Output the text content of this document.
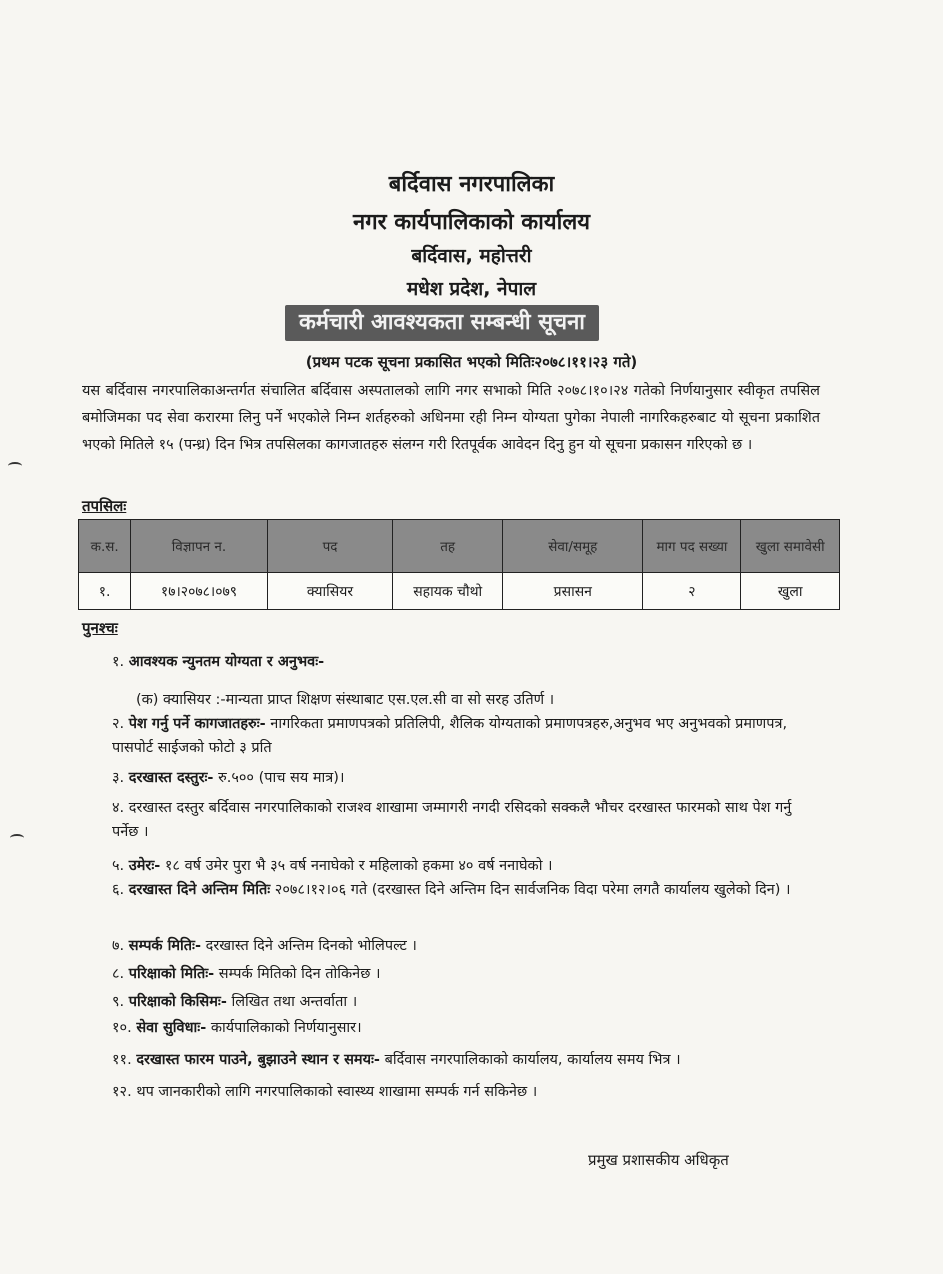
बर्दिवास नगरपालिका
नगर कार्यपालिकाको कार्यालय
बर्दिवास, महोत्तरी
मधेश प्रदेश, नेपाल
कर्मचारी आवश्यकता सम्बन्धी सूचना
(प्रथम पटक सूचना प्रकासित भएको मितिः२०७८।११।२३ गते)
यस बर्दिवास नगरपालिकाअन्तर्गत संचालित बर्दिवास अस्पतालको लागि नगर सभाको मिति २०७८।१०।२४ गतेको निर्णयानुसार स्वीकृत तपसिल बमोजिमका पद सेवा करारमा लिनु पर्ने भएकोले निम्न शर्तहरुको अधिनमा रही निम्न योग्यता पुगेका नेपाली नागरिकहरुबाट यो सूचना प्रकाशित भएको मितिले १५ (पन्ध्र) दिन भित्र तपसिलका कागजातहरु संलग्न गरी रितपूर्वक आवेदन दिनु हुन यो सूचना प्रकासन गरिएको छ ।
तपसिलः
क.स.	विज्ञापन न.	पद	तह	सेवा/समूह	माग पद सख्या	खुला समावेसी
१.	१७।२०७८।०७९	क्यासियर	सहायक चौथो	प्रसासन	२	खुला
पुनश्चः
१. आवश्यक न्युनतम योग्यता र अनुभवः-
(क) क्यासियर :-मान्यता प्राप्त शिक्षण संस्थाबाट एस.एल.सी वा सो सरह उतिर्ण ।
२. पेश गर्नु पर्ने कागजातहरुः- नागरिकता प्रमाणपत्रको प्रतिलिपी, शैलिक योग्यताको प्रमाणपत्रहरु,अनुभव भए अनुभवको प्रमाणपत्र, पासपोर्ट साईजको फोटो ३ प्रति
३. दरखास्त दस्तुरः- रु.५०० (पाच सय मात्र)।
४. दरखास्त दस्तुर बर्दिवास नगरपालिकाको राजश्व शाखामा जम्मागरी नगदी रसिदको सक्कलै भौचर दरखास्त फारमको साथ पेश गर्नु पर्नेछ ।
५. उमेरः- १८ वर्ष उमेर पुरा भै ३५ वर्ष ननाघेको र महिलाको हकमा ४० वर्ष ननाघेको ।
६. दरखास्त दिने अन्तिम मितिः २०७८।१२।०६ गते (दरखास्त दिने अन्तिम दिन सार्वजनिक विदा परेमा लगतै कार्यालय खुलेको दिन) ।
७. सम्पर्क मितिः- दरखास्त दिने अन्तिम दिनको भोलिपल्ट ।
८. परिक्षाको मितिः- सम्पर्क मितिको दिन तोकिनेछ ।
९. परिक्षाको किसिमः- लिखित तथा अन्तर्वाता ।
१०. सेवा सुविधाः- कार्यपालिकाको निर्णयानुसार।
११. दरखास्त फारम पाउने, बुझाउने स्थान र समयः- बर्दिवास नगरपालिकाको कार्यालय, कार्यालय समय भित्र ।
१२. थप जानकारीको लागि नगरपालिकाको स्वास्थ्य शाखामा सम्पर्क गर्न सकिनेछ ।
प्रमुख प्रशासकीय अधिकृत
